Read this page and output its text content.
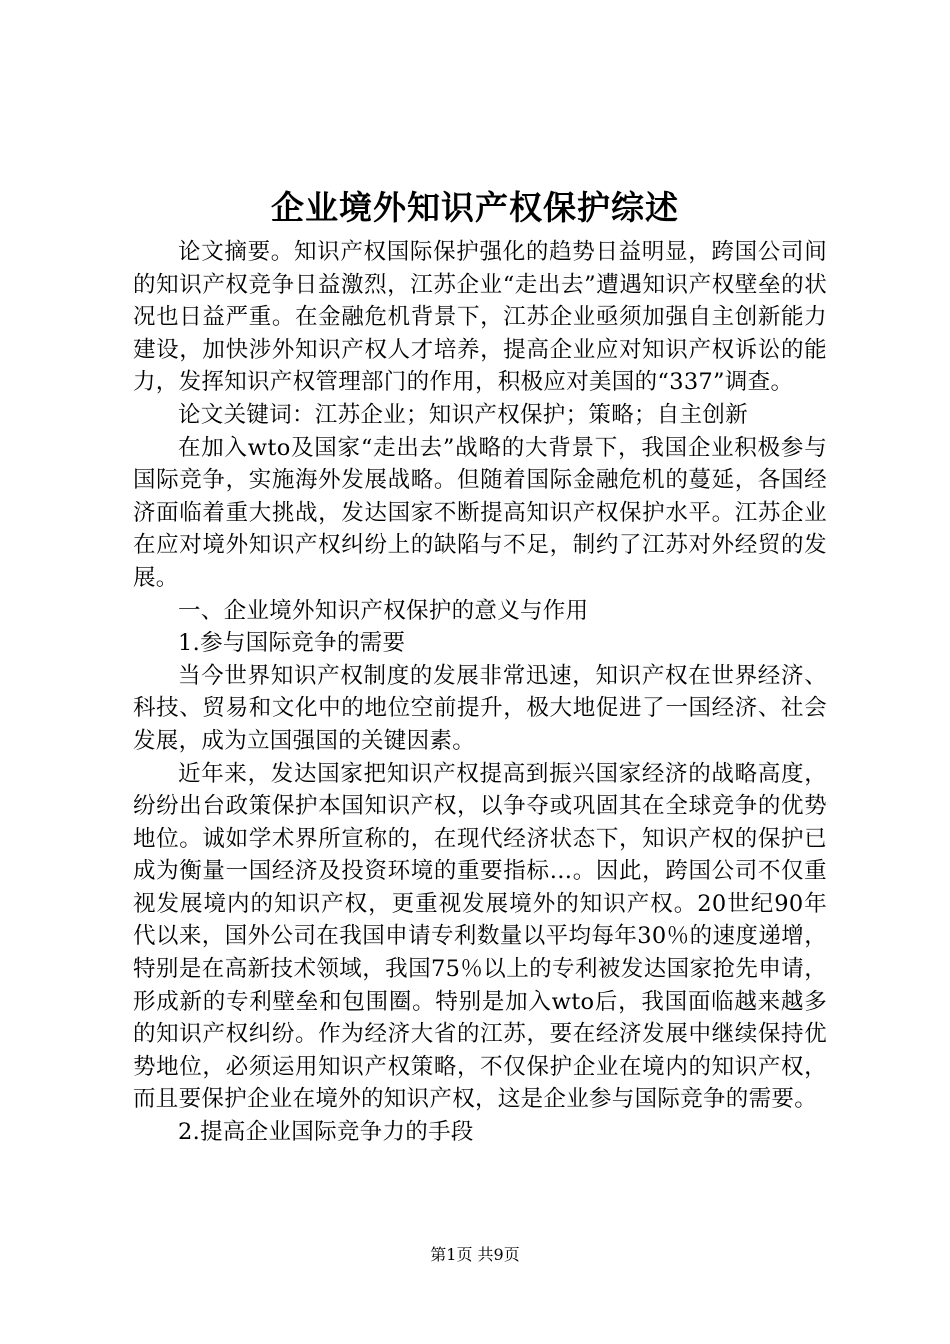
企业境外知识产权保护综述

论文摘要。知识产权国际保护强化的趋势日益明显，跨国公司间的知识产权竞争日益激烈，江苏企业“走出去”遭遇知识产权壁垒的状况也日益严重。在金融危机背景下，江苏企业亟须加强自主创新能力建设，加快涉外知识产权人才培养，提高企业应对知识产权诉讼的能力，发挥知识产权管理部门的作用，积极应对美国的“337”调查。

论文关键词：江苏企业；知识产权保护；策略；自主创新

在加入wto及国家“走出去”战略的大背景下，我国企业积极参与国际竞争，实施海外发展战略。但随着国际金融危机的蔓延，各国经济面临着重大挑战，发达国家不断提高知识产权保护水平。江苏企业在应对境外知识产权纠纷上的缺陷与不足，制约了江苏对外经贸的发展。

一、企业境外知识产权保护的意义与作用

1.参与国际竞争的需要

当今世界知识产权制度的发展非常迅速，知识产权在世界经济、科技、贸易和文化中的地位空前提升，极大地促进了一国经济、社会发展，成为立国强国的关键因素。

近年来，发达国家把知识产权提高到振兴国家经济的战略高度，纷纷出台政策保护本国知识产权，以争夺或巩固其在全球竞争的优势地位。诚如学术界所宣称的，在现代经济状态下，知识产权的保护已成为衡量一国经济及投资环境的重要指标…。因此，跨国公司不仅重视发展境内的知识产权，更重视发展境外的知识产权。20世纪90年代以来，国外公司在我国申请专利数量以平均每年30％的速度递增，特别是在高新技术领域，我国75％以上的专利被发达国家抢先申请，形成新的专利壁垒和包围圈。特别是加入wto后，我国面临越来越多的知识产权纠纷。作为经济大省的江苏，要在经济发展中继续保持优势地位，必须运用知识产权策略，不仅保护企业在境内的知识产权，而且要保护企业在境外的知识产权，这是企业参与国际竞争的需要。

2.提高企业国际竞争力的手段

第1页 共9页
